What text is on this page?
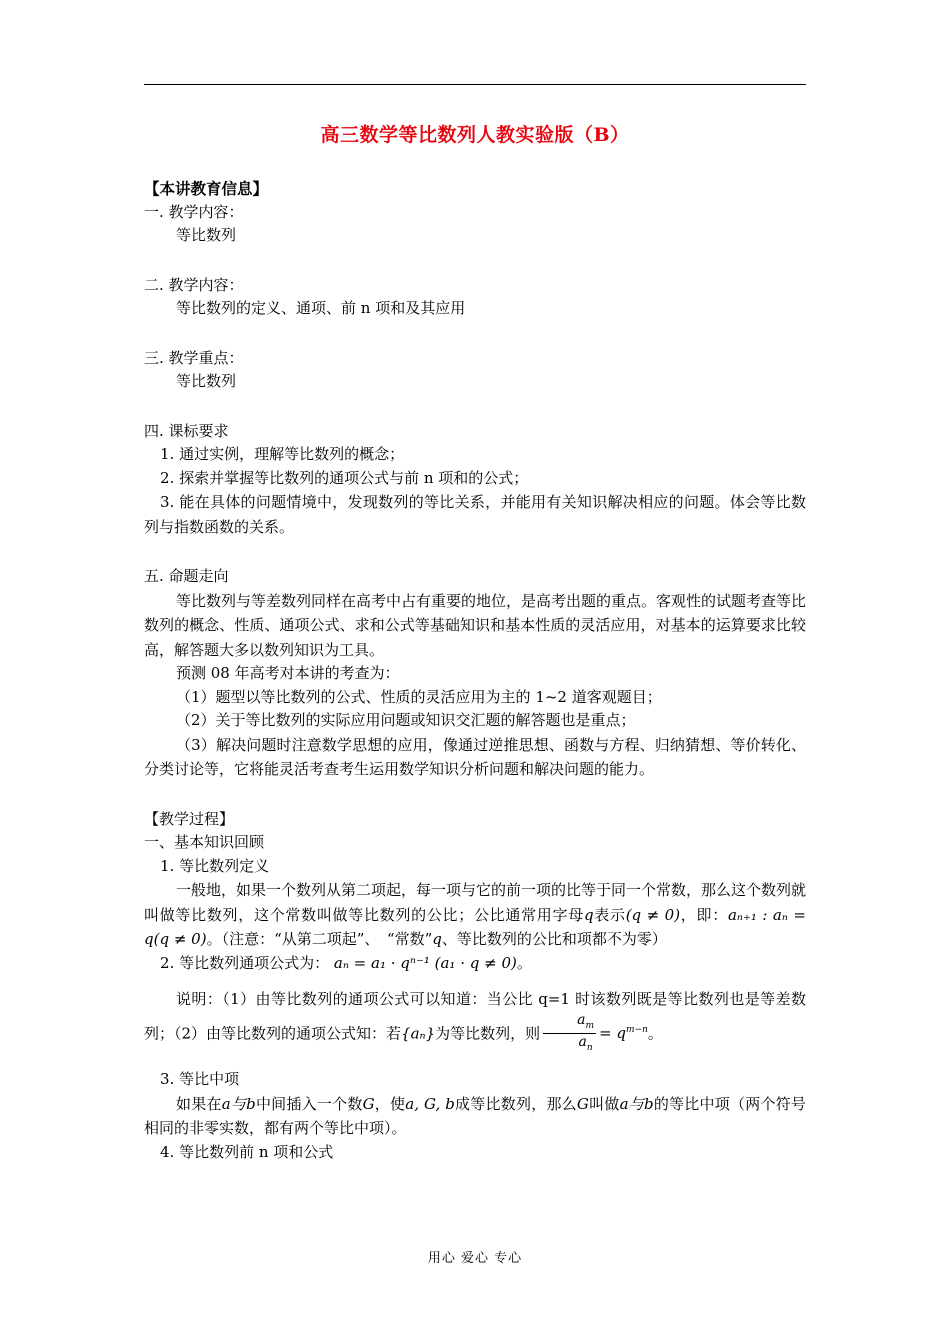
高三数学等比数列人教实验版（B）

【本讲教育信息】

一. 教学内容：

等比数列

二. 教学内容：

等比数列的定义、通项、前 n 项和及其应用

三. 教学重点：

等比数列

四. 课标要求

1. 通过实例，理解等比数列的概念；

2. 探索并掌握等比数列的通项公式与前 n 项和的公式；

3. 能在具体的问题情境中，发现数列的等比关系，并能用有关知识解决相应的问题。体会等比数列与指数函数的关系。

五. 命题走向

等比数列与等差数列同样在高考中占有重要的地位，是高考出题的重点。客观性的试题考查等比数列的概念、性质、通项公式、求和公式等基础知识和基本性质的灵活应用，对基本的运算要求比较高，解答题大多以数列知识为工具。

预测 08 年高考对本讲的考查为：

（1）题型以等比数列的公式、性质的灵活应用为主的 1~2 道客观题目；

（2）关于等比数列的实际应用问题或知识交汇题的解答题也是重点；

（3）解决问题时注意数学思想的应用，像通过逆推思想、函数与方程、归纳猜想、等价转化、分类讨论等，它将能灵活考查考生运用数学知识分析问题和解决问题的能力。

【教学过程】

一、基本知识回顾

1. 等比数列定义

一般地，如果一个数列从第二项起，每一项与它的前一项的比等于同一个常数，那么这个数列就叫做等比数列，这个常数叫做等比数列的公比；公比通常用字母q表示(q ≠ 0)，即：aₙ₊₁ : aₙ = q(q ≠ 0)。（注意：“从第二项起”、　“常数”q、等比数列的公比和项都不为零）

2. 等比数列通项公式为： aₙ = a₁ · qⁿ⁻¹ (a₁ · q ≠ 0)。

说明：（1）由等比数列的通项公式可以知道：当公比 q=1 时该数列既是等比数列也是等差数列；（2）由等比数列的通项公式知：若{aₙ}为等比数列，则 $\frac{a_m}{a_n} = q^{m-n}$。

3. 等比中项

如果在a与b中间插入一个数G，使a, G, b成等比数列，那么G叫做a与b的等比中项（两个符号相同的非零实数，都有两个等比中项）。

4. 等比数列前 n 项和公式

用心 爱心 专心
